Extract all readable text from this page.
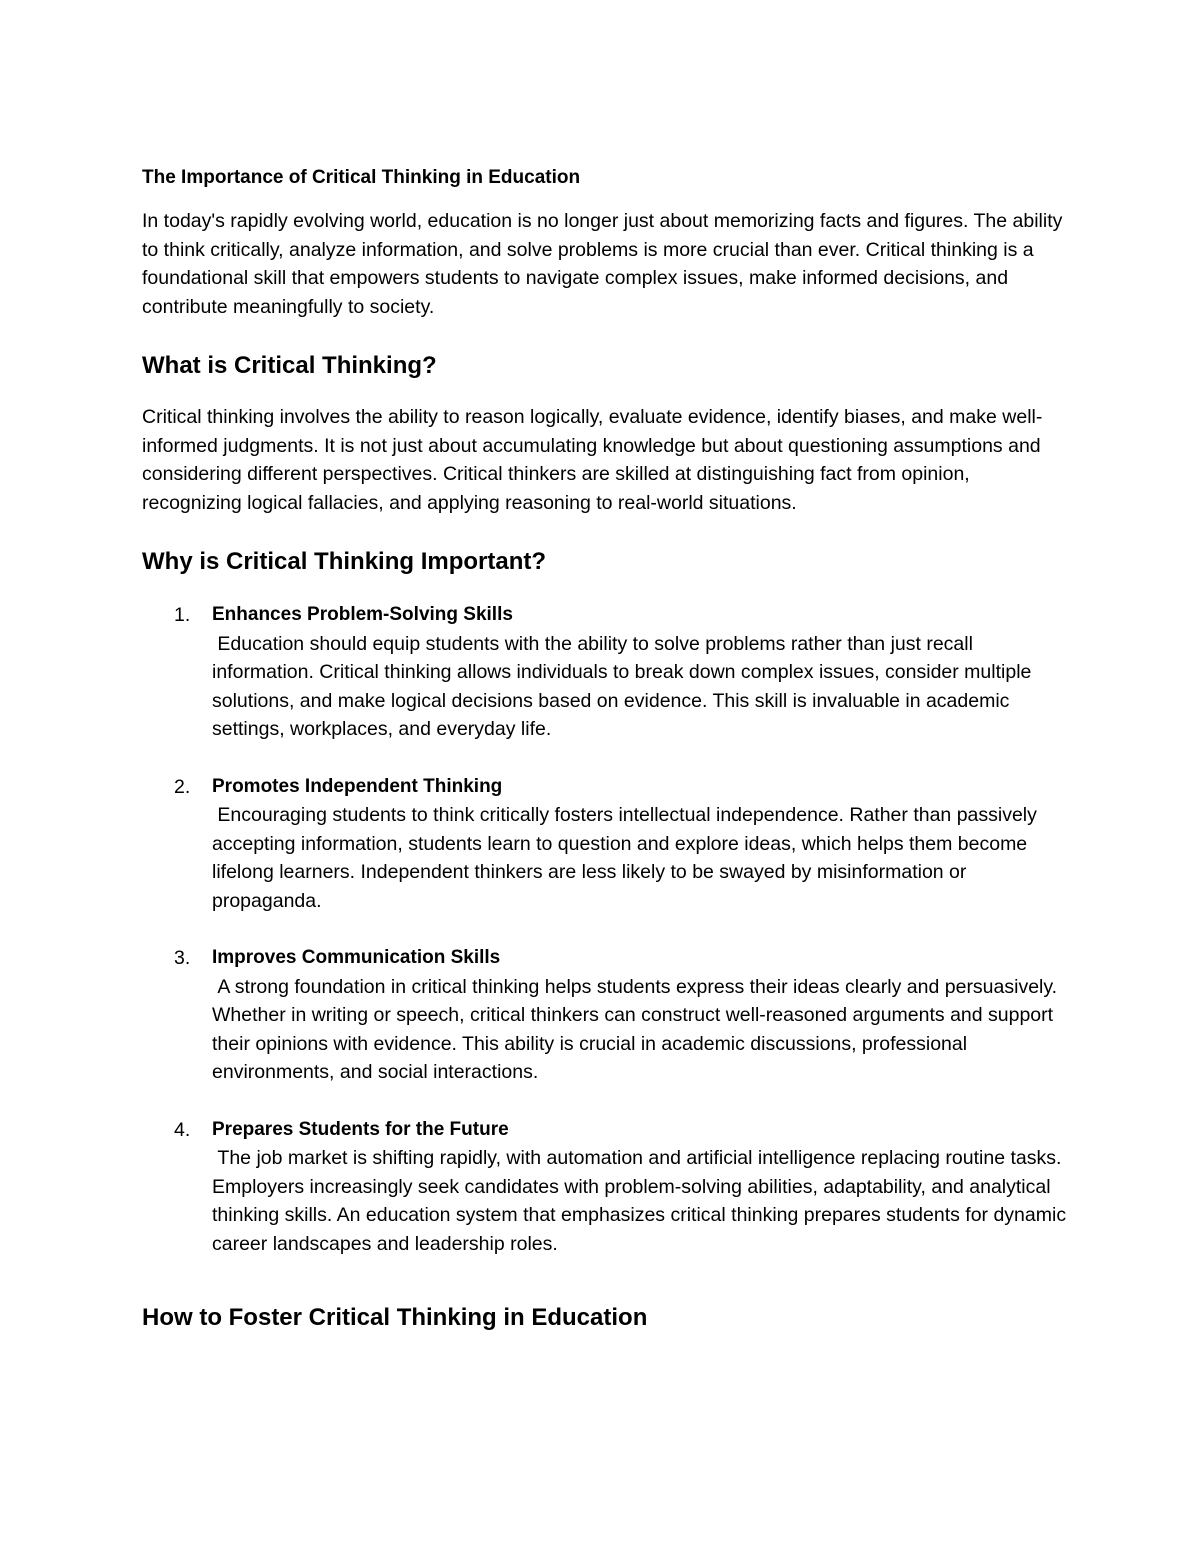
The Importance of Critical Thinking in Education

In today's rapidly evolving world, education is no longer just about memorizing facts and figures. The ability to think critically, analyze information, and solve problems is more crucial than ever. Critical thinking is a foundational skill that empowers students to navigate complex issues, make informed decisions, and contribute meaningfully to society.

What is Critical Thinking?

Critical thinking involves the ability to reason logically, evaluate evidence, identify biases, and make well-informed judgments. It is not just about accumulating knowledge but about questioning assumptions and considering different perspectives. Critical thinkers are skilled at distinguishing fact from opinion, recognizing logical fallacies, and applying reasoning to real-world situations.

Why is Critical Thinking Important?
1. Enhances Problem-Solving Skills

Education should equip students with the ability to solve problems rather than just recall information. Critical thinking allows individuals to break down complex issues, consider multiple solutions, and make logical decisions based on evidence. This skill is invaluable in academic settings, workplaces, and everyday life.

2. Promotes Independent Thinking

Encouraging students to think critically fosters intellectual independence. Rather than passively accepting information, students learn to question and explore ideas, which helps them become lifelong learners. Independent thinkers are less likely to be swayed by misinformation or propaganda.

3. Improves Communication Skills

A strong foundation in critical thinking helps students express their ideas clearly and persuasively. Whether in writing or speech, critical thinkers can construct well-reasoned arguments and support their opinions with evidence. This ability is crucial in academic discussions, professional environments, and social interactions.

4. Prepares Students for the Future

The job market is shifting rapidly, with automation and artificial intelligence replacing routine tasks. Employers increasingly seek candidates with problem-solving abilities, adaptability, and analytical thinking skills. An education system that emphasizes critical thinking prepares students for dynamic career landscapes and leadership roles.

How to Foster Critical Thinking in Education
